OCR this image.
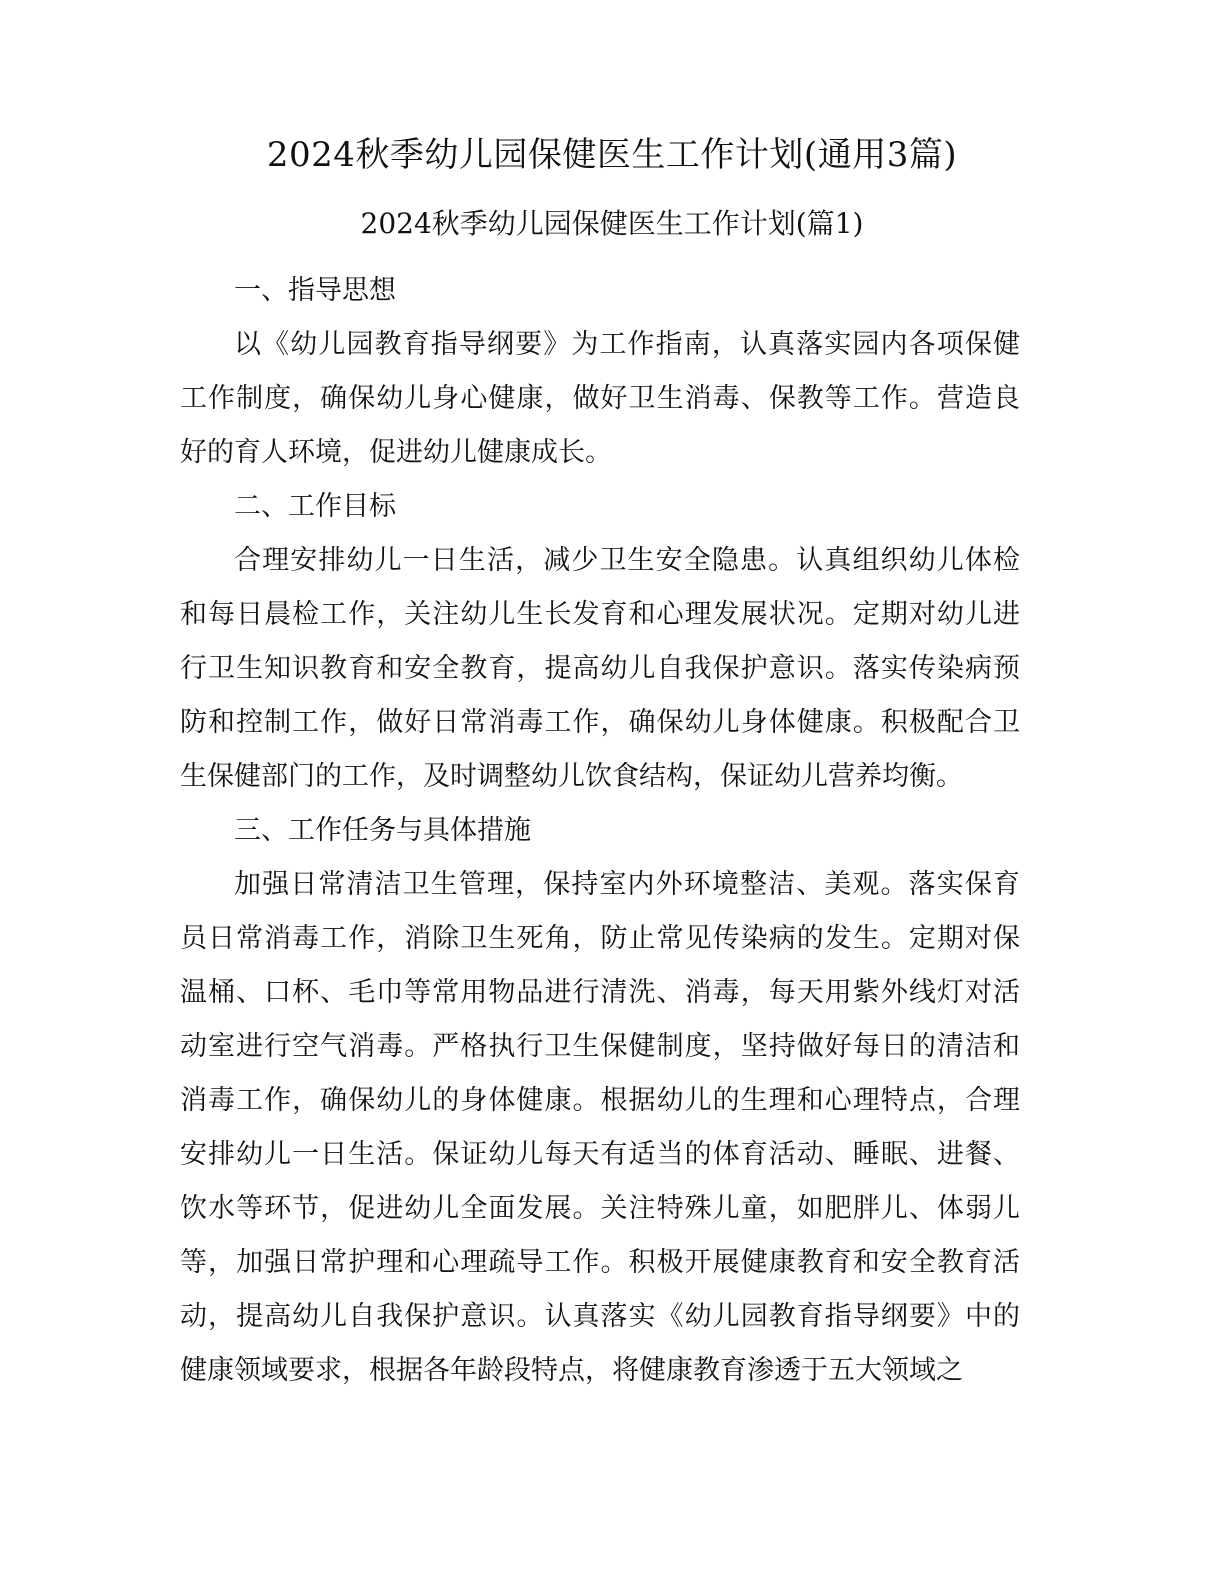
2024秋季幼儿园保健医生工作计划(通用3篇)
2024秋季幼儿园保健医生工作计划(篇1)
一、指导思想
以《幼儿园教育指导纲要》为工作指南，认真落实园内各项保健
工作制度，确保幼儿身心健康，做好卫生消毒、保教等工作。营造良
好的育人环境，促进幼儿健康成长。
二、工作目标
合理安排幼儿一日生活，减少卫生安全隐患。认真组织幼儿体检
和每日晨检工作，关注幼儿生长发育和心理发展状况。定期对幼儿进
行卫生知识教育和安全教育，提高幼儿自我保护意识。落实传染病预
防和控制工作，做好日常消毒工作，确保幼儿身体健康。积极配合卫
生保健部门的工作，及时调整幼儿饮食结构，保证幼儿营养均衡。
三、工作任务与具体措施
加强日常清洁卫生管理，保持室内外环境整洁、美观。落实保育
员日常消毒工作，消除卫生死角，防止常见传染病的发生。定期对保
温桶、口杯、毛巾等常用物品进行清洗、消毒，每天用紫外线灯对活
动室进行空气消毒。严格执行卫生保健制度，坚持做好每日的清洁和
消毒工作，确保幼儿的身体健康。根据幼儿的生理和心理特点，合理
安排幼儿一日生活。保证幼儿每天有适当的体育活动、睡眠、进餐、
饮水等环节，促进幼儿全面发展。关注特殊儿童，如肥胖儿、体弱儿
等，加强日常护理和心理疏导工作。积极开展健康教育和安全教育活
动，提高幼儿自我保护意识。认真落实《幼儿园教育指导纲要》中的
健康领域要求，根据各年龄段特点，将健康教育渗透于五大领域之
